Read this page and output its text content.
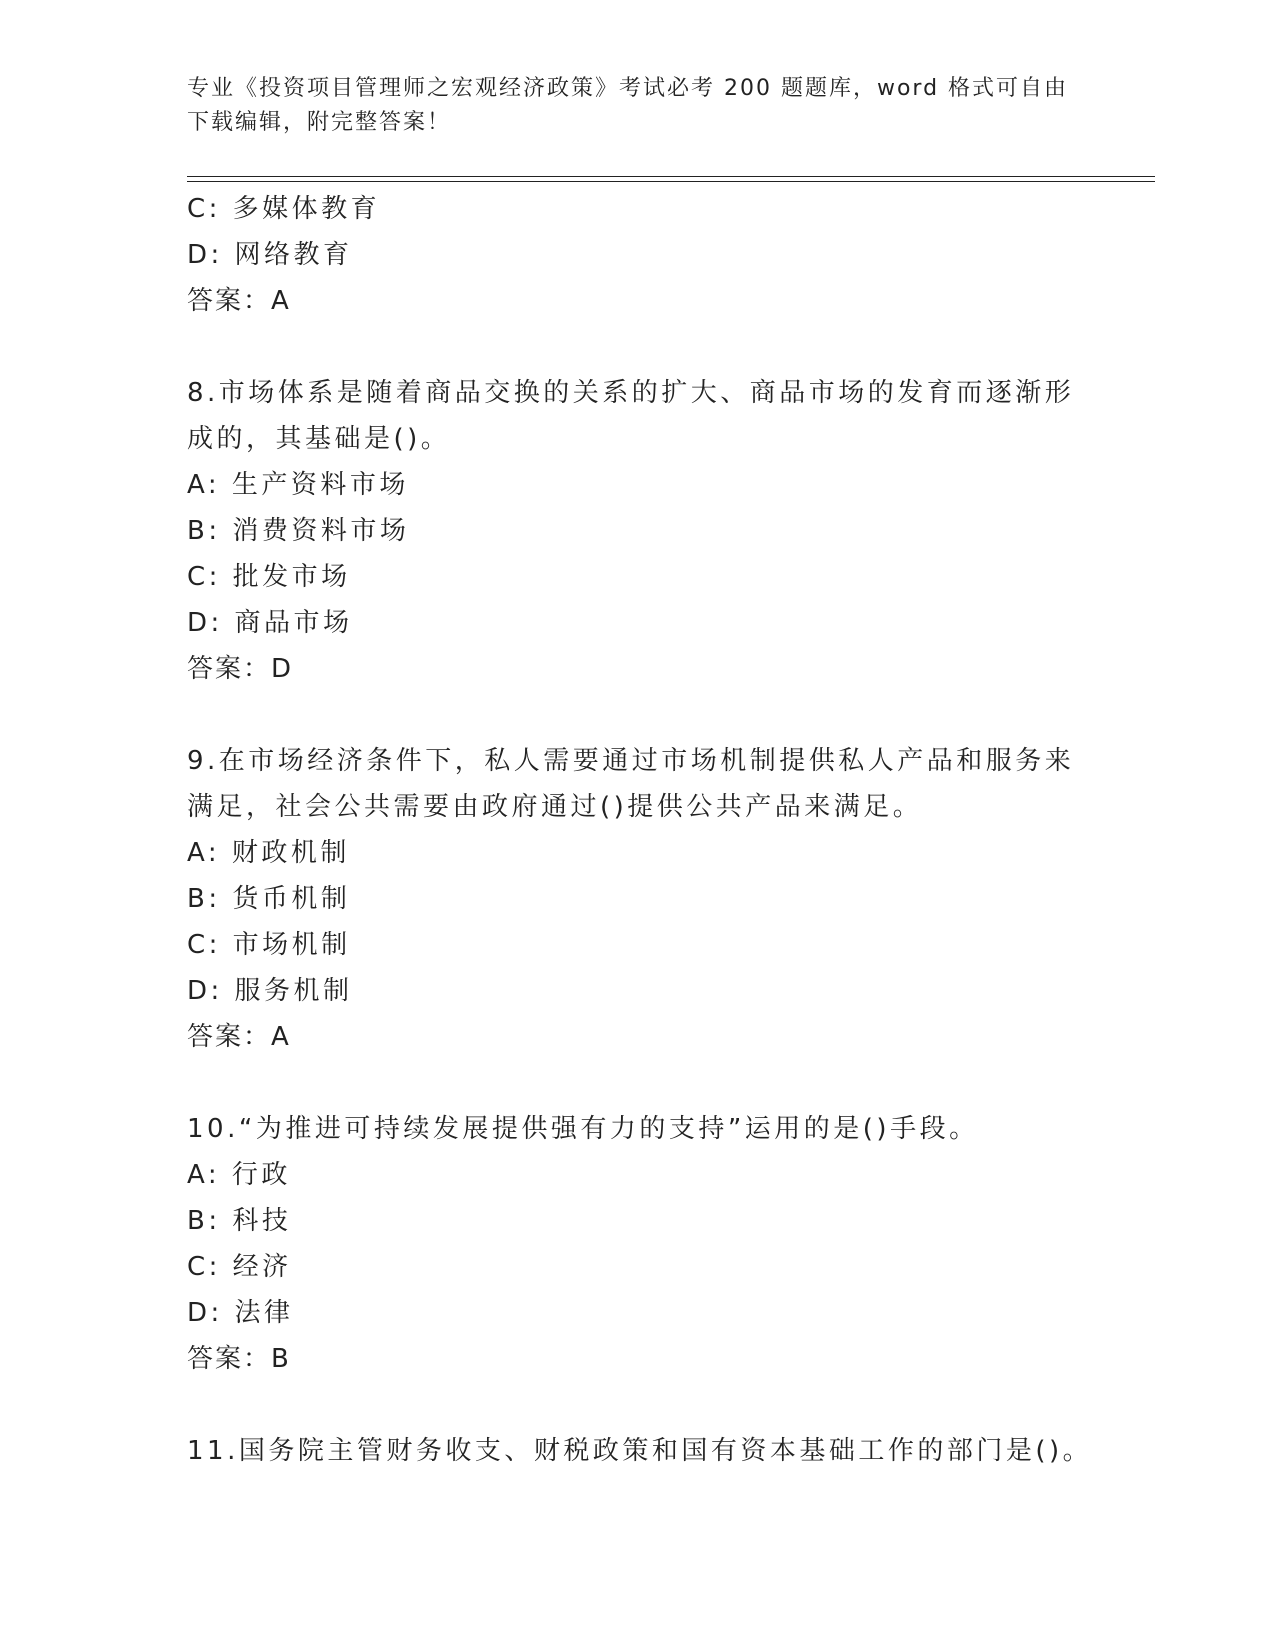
专业《投资项目管理师之宏观经济政策》考试必考 200 题题库，word 格式可自由
下载编辑，附完整答案！
C: 多媒体教育
D: 网络教育
答案：A
8.市场体系是随着商品交换的关系的扩大、商品市场的发育而逐渐形
成的，其基础是()。
A: 生产资料市场
B: 消费资料市场
C: 批发市场
D: 商品市场
答案：D
9.在市场经济条件下，私人需要通过市场机制提供私人产品和服务来
满足，社会公共需要由政府通过()提供公共产品来满足。
A: 财政机制
B: 货币机制
C: 市场机制
D: 服务机制
答案：A
10.“为推进可持续发展提供强有力的支持”运用的是()手段。
A: 行政
B: 科技
C: 经济
D: 法律
答案：B
11.国务院主管财务收支、财税政策和国有资本基础工作的部门是()。
